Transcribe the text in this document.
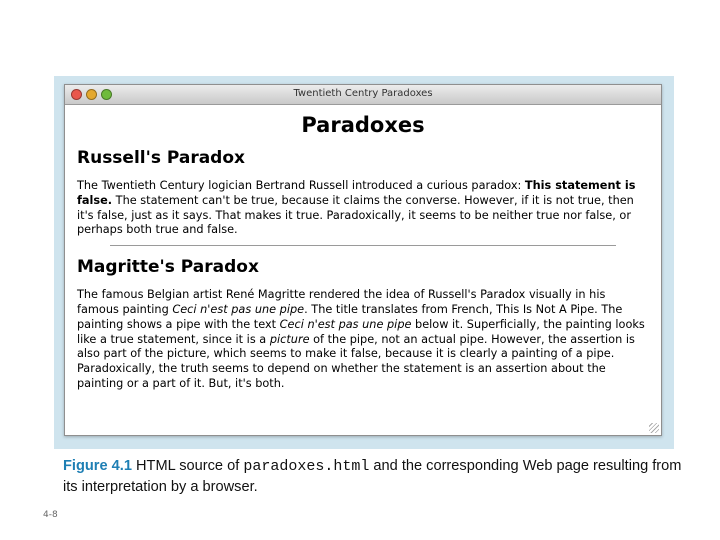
Twentieth Centry Paradoxes
Paradoxes
Russell's Paradox

The Twentieth Century logician Bertrand Russell introduced a curious paradox: This statement is false. The statement can't be true, because it claims the converse. However, if it is not true, then it's false, just as it says. That makes it true. Paradoxically, it seems to be neither true nor false, or perhaps both true and false.

Magritte's Paradox

The famous Belgian artist René Magritte rendered the idea of Russell's Paradox visually in his famous painting Ceci n'est pas une pipe. The title translates from French, This Is Not A Pipe. The painting shows a pipe with the text Ceci n'est pas une pipe below it. Superficially, the painting looks like a true statement, since it is a picture of the pipe, not an actual pipe. However, the assertion is also part of the picture, which seems to make it false, because it is clearly a painting of a pipe. Paradoxically, the truth seems to depend on whether the statement is an assertion about the painting or a part of it. But, it's both.

Figure 4.1 HTML source of paradoxes.html and the corresponding Web page resulting from its interpretation by a browser.
4-8
